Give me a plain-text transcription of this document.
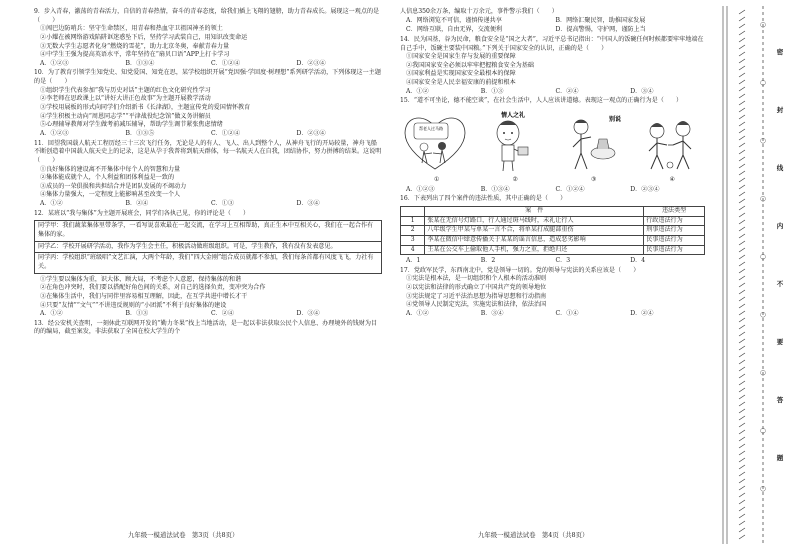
9．步入青春，激荡的青春活力，自信的青春热情，奋斗的青春态度，给我们插上飞翔的翅膀，助力青春成长。展现这一观点的是（　　）

①闯巴边防哨兵：坚守生命禁区，用青春和热血守卫祖国神圣的领土

②小耀在被网络游戏陷阱诓迷惑坠下后，坚持学习武装自己，用知识改变命运

③无数大学生志愿者化身“燃烧的雪花”，助力北京冬奥，奉献青春力量

④中学生王强为提高英语水平，常年坚持在“扇贝口语”APP上打卡学习

A．①②③	B．①③④	C．①②④	D．②③④

10．为了教育引领学生知党史、知党爱国、知党在思，某学校组织开展“党因强·学回度·树理想”系列研学活动，下列体现这一主题的是（　　）

①组织学生代表参加“我与历史对话”主题的红色文化研究性学习

②李老师在思政课上以“讲好大讲正色故事”为主题开展教学活动

③学校用展板的形式向同学们介绍新书《长津湖》，主题宣传党的爱国情怀教育

④学生积极主动向“周恩同志学”“平津战役纪念馆”做义务讲解员

⑤心理辅导教师对学生做考前减压辅导，帮助学生调节紧张焦虑情绪

A．①②③	B．①③⑤	C．①②④	D．②③④

11．回望我国载人航天工程历经三十三次飞行任务，无论是人的有人、飞人、出人到整个人，从神舟飞行的开局较量，神舟飞船不断创造着中国载人航天史上的记录，这是从孕于我普将到航天群体，每一名航天人在自我，团结协作，努力拼搏的结果。这说明（　　）

①良好集体的建设离不开集体中每个人的智慧和力量

②集体能成就个人，个人利益和团体利益是一致的

③成员的一荣俱损和共担结合并是团队发展的不竭动力

④集体力量强大，一定程度上能影响甚至改变一个人

A．①②	B．②④	C．①③	D．③④

12．某班以“我与集体”为主题开展班会，同学们各执己见，你的评论是（　　）

同学甲：我们蔬菜集体里带条学，一看写说喜欢最在一起交流，在学习上互相帮助，真正生本中互相关心，我们在一起合作有集体的家。
同学乙：学校开展研学活动，我作为学生会主任，积极活动做班级组织。可是，学生教作，我有没有发表意见。
同学丙：学校组织“班级唱”文艺汇演，大两个年龄，我们“四大金刚”组合成员就都不参加，我们每条首都有风度飞飞，力社有关。

①学生要以集体为重，识大体、顾大局，不考虑个人意愿，保持集体的和谐

②在角色冲突时，我们要以搭配好角色间的关系，对自己的选择负责，变冲突为合作

③在集体生活中，我们与同伴里容易相互理解，因此，在互学共进中增长才干

④只要“友情”“文气”“不讲违反规则的“小团派”不利于良好集体的建设

A．①②	B．①③	C．②④	D．③④

13．经公安机关查明，一刻休此互联网开发的“勤力冬果”找上当地活动，是一起以非法获取公民个人信息、办理境外的钱财为目的的编局，截至案发，非法获取了全国在校大学生的个

九年级一模道法试卷　第3页（共8页）

人信息350余万条，编取十万余元，事件警示我们（　　）

A．网络浏览不可信，谨慎传递共享	B．网络汇聚民智，助推国家发展
C．网络互联，自由无界，交流便利	D．提高警惕，守护网，谨防上当

14．民为国基，谷为民命，粮食安全是“国之大者”，习近平总书记指出：“中国人的饭碗任何时候都要牢牢地端在自己手中，饭碗主要装中国粮。”下列关于国家安全的认识，正确的是（　　）

①国家安全是国家生存与发展的重要保障

②我国国家安全必须以牢牢把握粮食安全为基础

③国家利益是实现国家安全最根本的保障

④国家安全是人民幸福安康的前提和根本

A．①②	B．①③	C．②④	D．③④

15．“道不可坐论，德不能空谈”，在社会生活中，人人应该讲道德。表现这一观点的正确行为是（　　）

帮老人过马路
情人之礼
别说
①	②	③	④
A．①②③	B．①③④	C．①②④	D．②③④

16．下表列出了四个案件的违法性质，其中正确的是（　　）

	案　件	违法类型
1	张某在无信号灯路口，行人通过斑马线时，未礼让行人	行政违法行为
2	八年级学生甲某与单某一言不合，将单某打成腿部重伤	刑事违法行为
3	李某在微信中肆意传播关于某某的谣言信息，造成恶劣影响	民事违法行为
4	王某在公交车上偷取他人手机，强力之重，拒绝归还	民事违法行为
A．1	B．2	C．3	D．4

17．党政军民学，东西南北中，党是领导一切的。党的领导与宪法的关系应该是（　　）

①宪法是根本法，是一切组织和个人根本的活动准则

②以宪法和法律的形式确立了中国共产党的领导地位

③宪法规定了习近平法治思想为指导思想和行动指南

④党领导人民制定宪法，实施宪法和法律，依法治国

A．①②	B．③④	C．①④	D．②④
九年级一模道法试卷　第4页（共8页）
◯
◯
◯
◯
◯
◯
◯
◯
◯
密
封
线
内
不
要
答
题
